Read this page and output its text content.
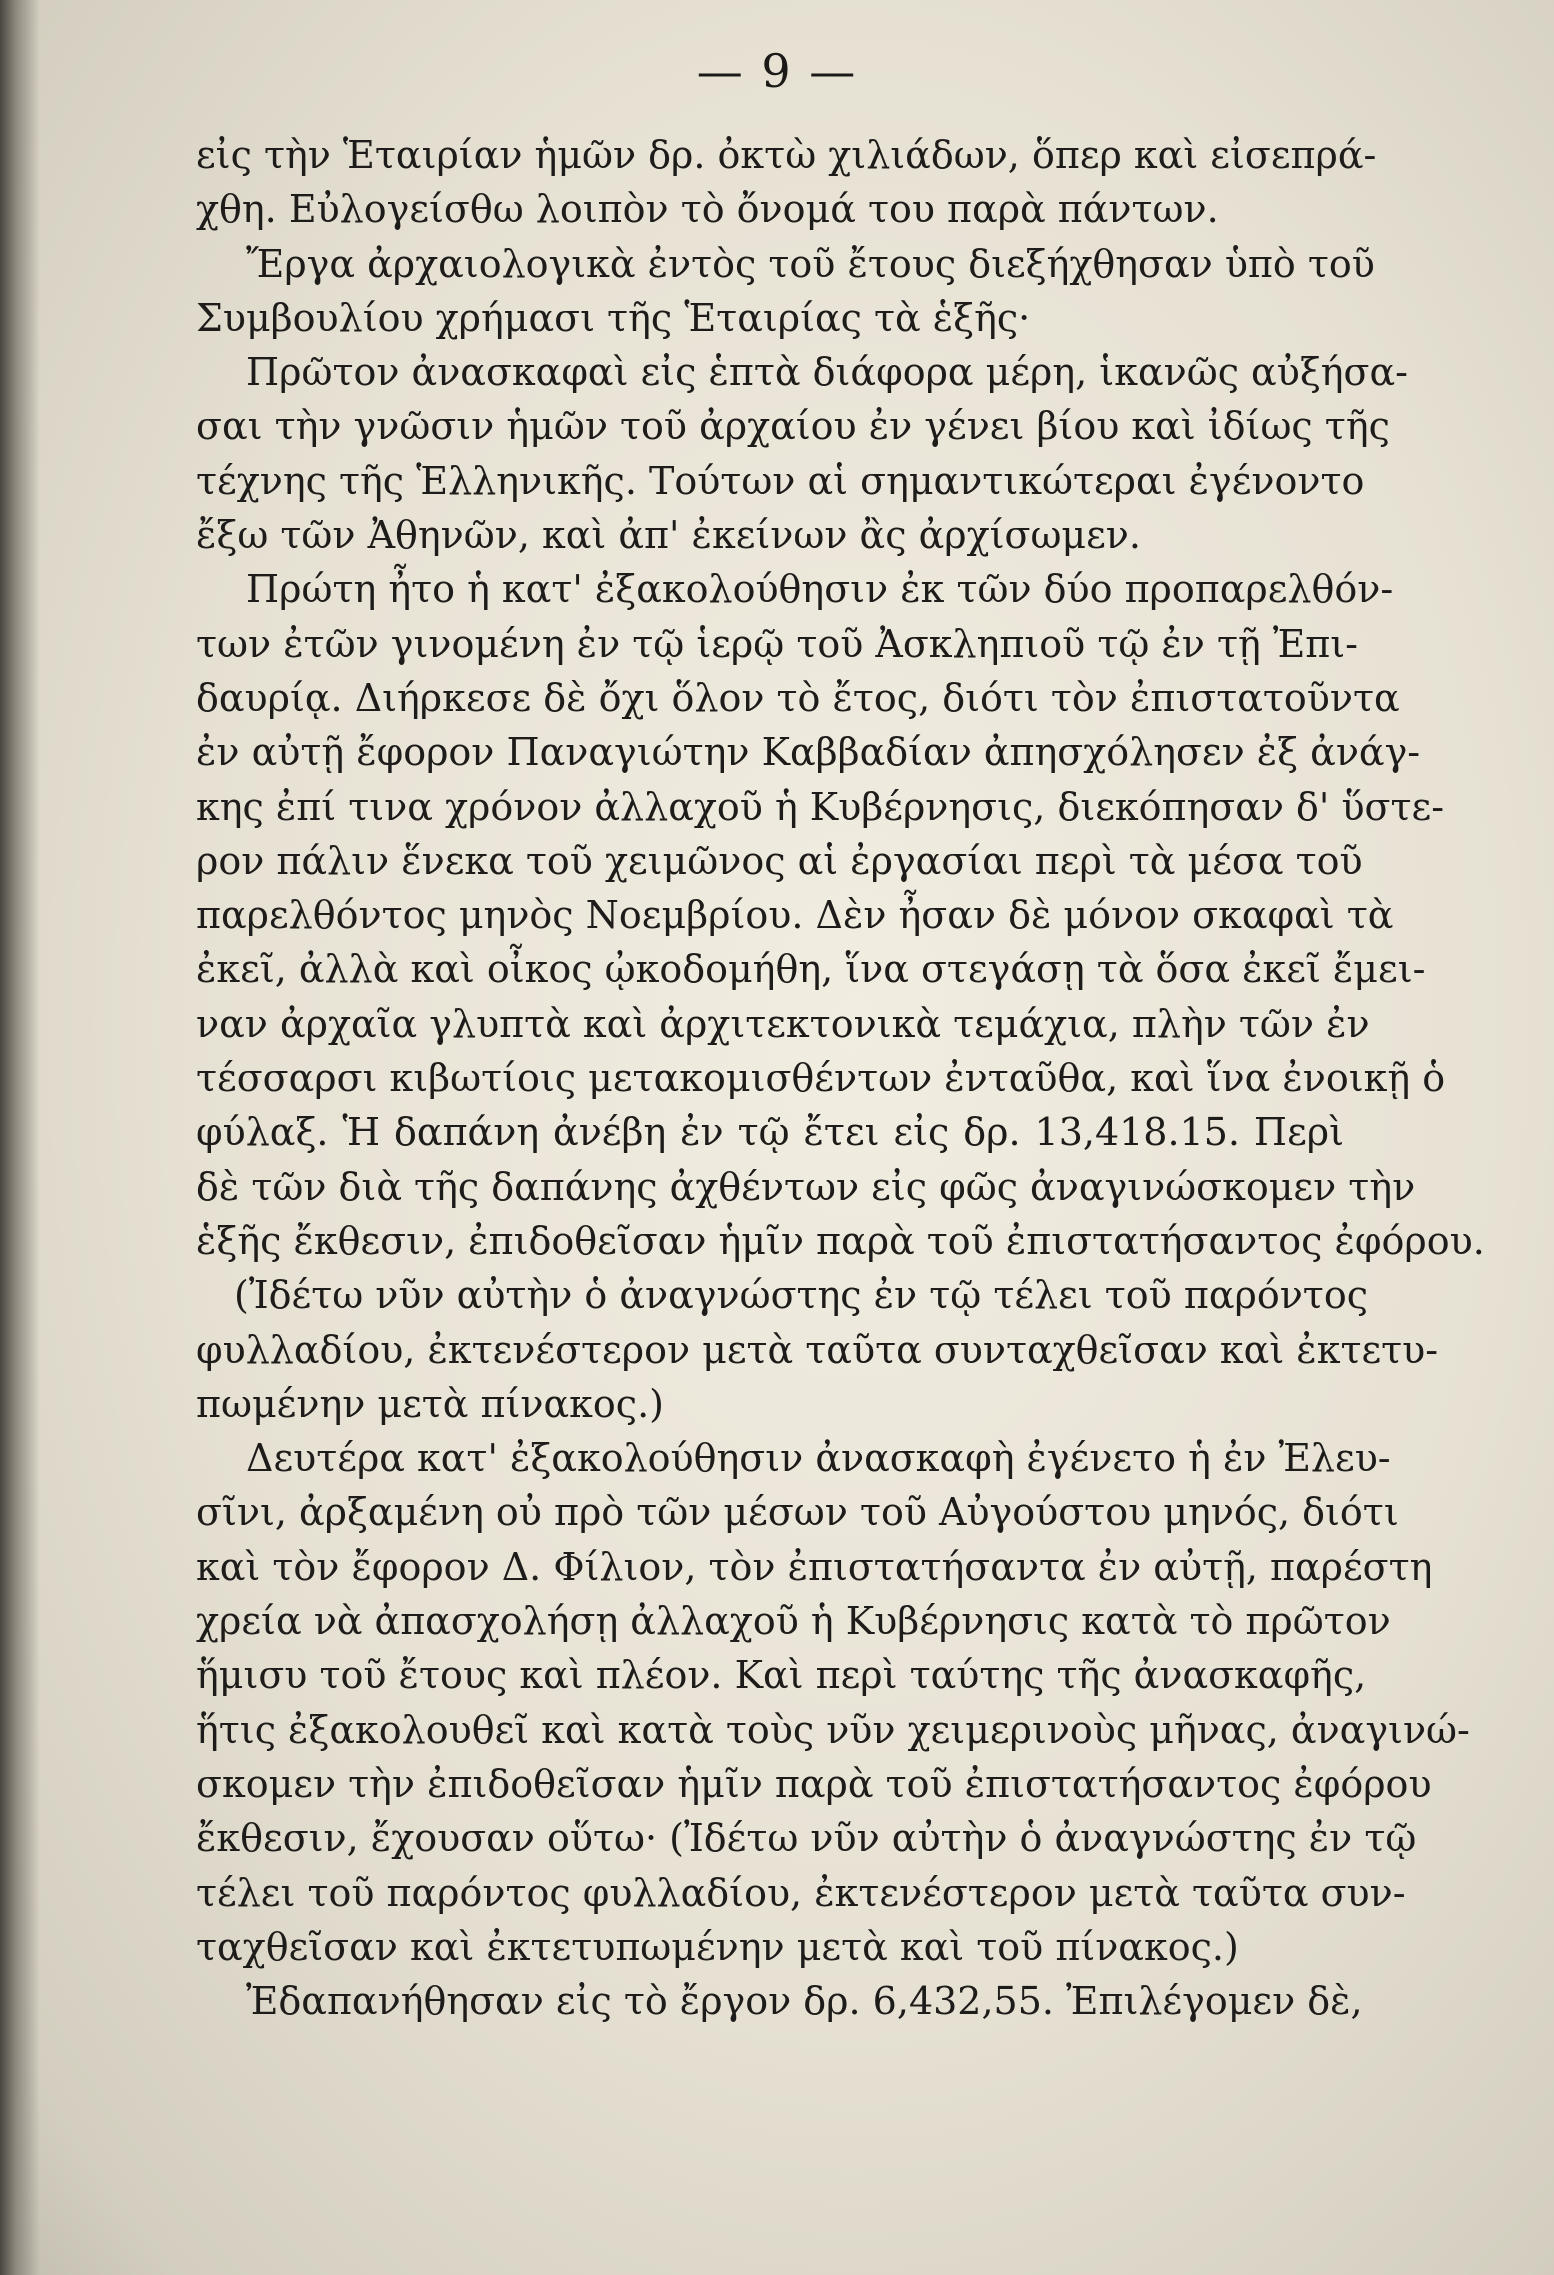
— 9 —
εἰς τὴν Ἑταιρίαν ἡμῶν δρ. ὀκτὼ χιλιάδων, ὅπερ καὶ εἰσεπρά-
χθη. Εὐλογείσθω λοιπὸν τὸ ὄνομά του παρὰ πάντων.
Ἔργα ἀρχαιολογικὰ ἐντὸς τοῦ ἔτους διεξήχθησαν ὑπὸ τοῦ
Συμβουλίου χρήμασι τῆς Ἑταιρίας τὰ ἑξῆς·
Πρῶτον ἀνασκαφαὶ εἰς ἑπτὰ διάφορα μέρη, ἱκανῶς αὐξήσα-
σαι τὴν γνῶσιν ἡμῶν τοῦ ἀρχαίου ἐν γένει βίου καὶ ἰδίως τῆς
τέχνης τῆς Ἑλληνικῆς. Τούτων αἱ σημαντικώτεραι ἐγένοντο
ἔξω τῶν Ἀθηνῶν, καὶ ἀπ' ἐκείνων ἂς ἀρχίσωμεν.
Πρώτη ἦτο ἡ κατ' ἐξακολούθησιν ἐκ τῶν δύο προπαρελθόν-
των ἐτῶν γινομένη ἐν τῷ ἱερῷ τοῦ Ἀσκληπιοῦ τῷ ἐν τῇ Ἐπι-
δαυρίᾳ. Διήρκεσε δὲ ὄχι ὅλον τὸ ἔτος, διότι τὸν ἐπιστατοῦντα
ἐν αὐτῇ ἔφορον Παναγιώτην Καββαδίαν ἀπησχόλησεν ἐξ ἀνάγ-
κης ἐπί τινα χρόνον ἀλλαχοῦ ἡ Κυβέρνησις, διεκόπησαν δ' ὕστε-
ρον πάλιν ἕνεκα τοῦ χειμῶνος αἱ ἐργασίαι περὶ τὰ μέσα τοῦ
παρελθόντος μηνὸς Νοεμβρίου. Δὲν ἦσαν δὲ μόνον σκαφαὶ τὰ
ἐκεῖ, ἀλλὰ καὶ οἶκος ᾠκοδομήθη, ἵνα στεγάσῃ τὰ ὅσα ἐκεῖ ἔμει-
ναν ἀρχαῖα γλυπτὰ καὶ ἀρχιτεκτονικὰ τεμάχια, πλὴν τῶν ἐν
τέσσαρσι κιβωτίοις μετακομισθέντων ἐνταῦθα, καὶ ἵνα ἐνοικῇ ὁ
φύλαξ. Ἡ δαπάνη ἀνέβη ἐν τῷ ἔτει εἰς δρ. 13,418.15. Περὶ
δὲ τῶν διὰ τῆς δαπάνης ἀχθέντων εἰς φῶς ἀναγινώσκομεν τὴν
ἑξῆς ἔκθεσιν, ἐπιδοθεῖσαν ἡμῖν παρὰ τοῦ ἐπιστατήσαντος ἐφόρου.
(Ἰδέτω νῦν αὐτὴν ὁ ἀναγνώστης ἐν τῷ τέλει τοῦ παρόντος
φυλλαδίου, ἐκτενέστερον μετὰ ταῦτα συνταχθεῖσαν καὶ ἐκτετυ-
πωμένην μετὰ πίνακος.)
Δευτέρα κατ' ἐξακολούθησιν ἀνασκαφὴ ἐγένετο ἡ ἐν Ἐλευ-
σῖνι, ἀρξαμένη οὐ πρὸ τῶν μέσων τοῦ Αὐγούστου μηνός, διότι
καὶ τὸν ἔφορον Δ. Φίλιον, τὸν ἐπιστατήσαντα ἐν αὐτῇ, παρέστη
χρεία νὰ ἀπασχολήσῃ ἀλλαχοῦ ἡ Κυβέρνησις κατὰ τὸ πρῶτον
ἥμισυ τοῦ ἔτους καὶ πλέον. Καὶ περὶ ταύτης τῆς ἀνασκαφῆς,
ἥτις ἐξακολουθεῖ καὶ κατὰ τοὺς νῦν χειμερινοὺς μῆνας, ἀναγινώ-
σκομεν τὴν ἐπιδοθεῖσαν ἡμῖν παρὰ τοῦ ἐπιστατήσαντος ἐφόρου
ἔκθεσιν, ἔχουσαν οὕτω· (Ἰδέτω νῦν αὐτὴν ὁ ἀναγνώστης ἐν τῷ
τέλει τοῦ παρόντος φυλλαδίου, ἐκτενέστερον μετὰ ταῦτα συν-
ταχθεῖσαν καὶ ἐκτετυπωμένην μετὰ καὶ τοῦ πίνακος.)
Ἐδαπανήθησαν εἰς τὸ ἔργον δρ. 6,432,55. Ἐπιλέγομεν δὲ,
